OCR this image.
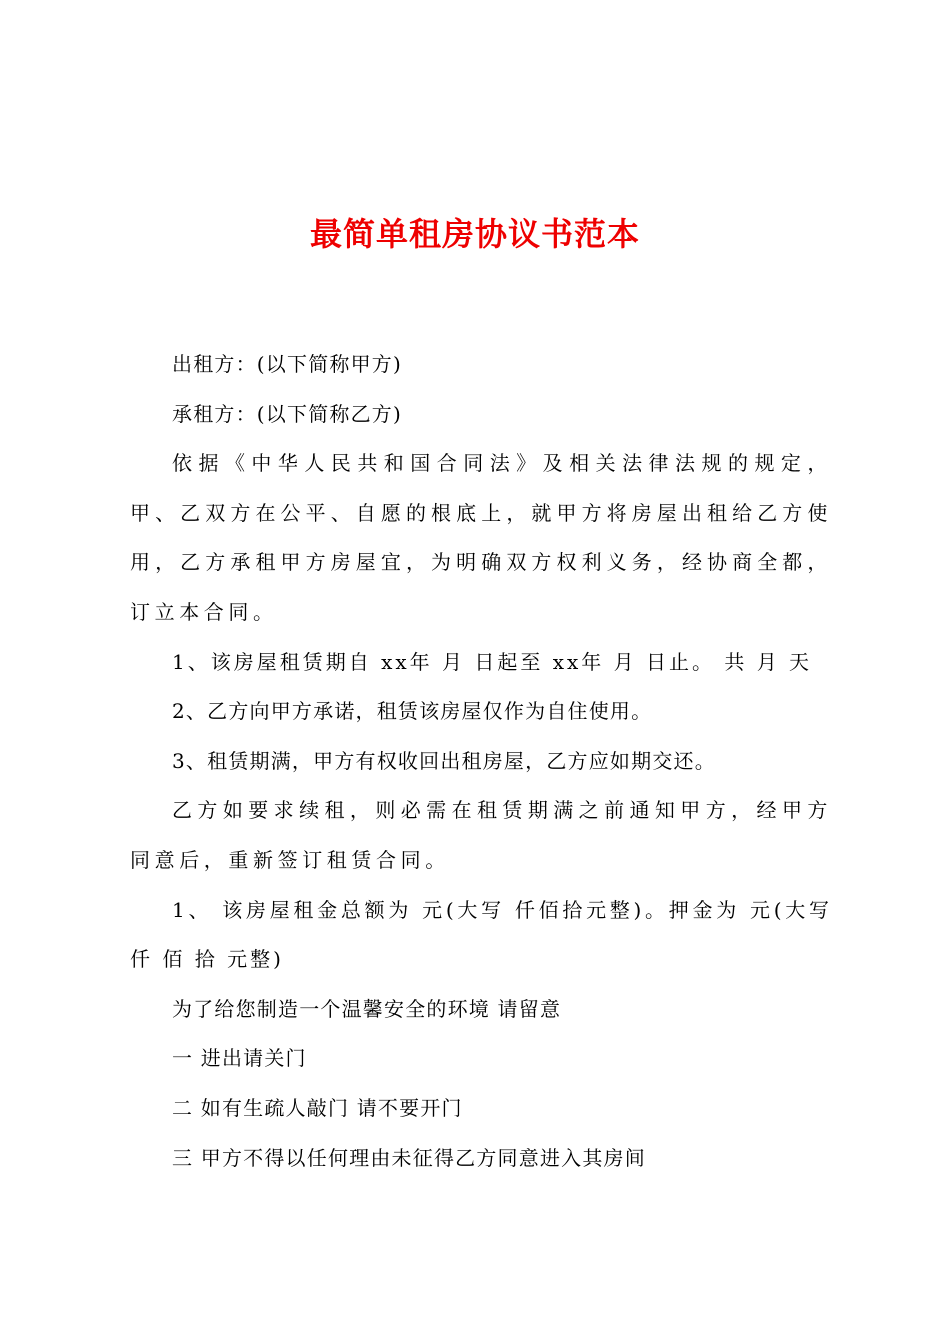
最简单租房协议书范本

出租方：(以下简称甲方)

承租方：(以下简称乙方)

依据《中华人民共和国合同法》及相关法律法规的规定，甲、乙双方在公平、自愿的根底上，就甲方将房屋出租给乙方使用，乙方承租甲方房屋宜，为明确双方权利义务，经协商全都，订立本合同。

1、该房屋租赁期自 xx年 月 日起至 xx年 月 日止。 共 月 天

2、乙方向甲方承诺，租赁该房屋仅作为自住使用。

3、租赁期满，甲方有权收回出租房屋，乙方应如期交还。

乙方如要求续租，则必需在租赁期满之前通知甲方，经甲方同意后，重新签订租赁合同。

1、 该房屋租金总额为 元(大写 仟佰拾元整)。押金为 元(大写 仟 佰 拾 元整)

为了给您制造一个温馨安全的环境 请留意

一 进出请关门

二 如有生疏人敲门 请不要开门

三 甲方不得以任何理由未征得乙方同意进入其房间
